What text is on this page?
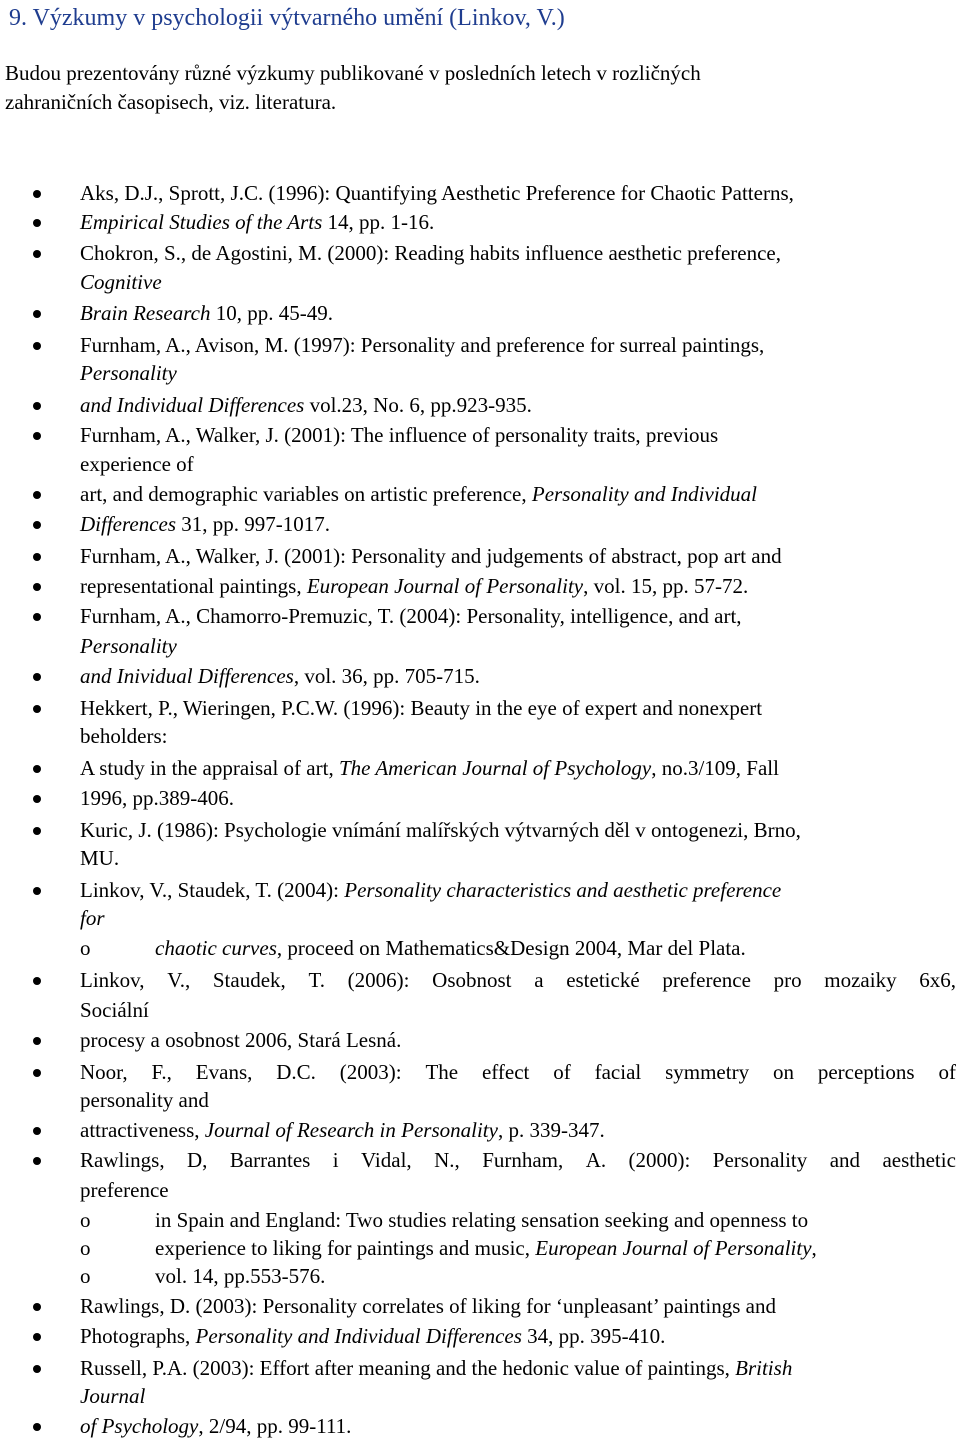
9. Výzkumy v psychologii výtvarného umění (Linkov, V.)
Budou prezentovány různé výzkumy publikované v posledních letech v rozličných
zahraničních časopisech, viz. literatura.
Aks, D.J., Sprott, J.C. (1996): Quantifying Aesthetic Preference for Chaotic Patterns,
Empirical Studies of the Arts 14, pp. 1-16.
Chokron, S., de Agostini, M. (2000): Reading habits influence aesthetic preference,
Cognitive
Brain Research 10, pp. 45-49.
Furnham, A., Avison, M. (1997): Personality and preference for surreal paintings,
Personality
and Individual Differences vol.23, No. 6, pp.923-935.
Furnham, A., Walker, J. (2001): The influence of personality traits, previous
experience of
art, and demographic variables on artistic preference, Personality and Individual
Differences 31, pp. 997-1017.
Furnham, A., Walker, J. (2001): Personality and judgements of abstract, pop art and
representational paintings, European Journal of Personality, vol. 15, pp. 57-72.
Furnham, A., Chamorro-Premuzic, T. (2004): Personality, intelligence, and art,
Personality
and Inividual Differences, vol. 36, pp. 705-715.
Hekkert, P., Wieringen, P.C.W. (1996): Beauty in the eye of expert and nonexpert
beholders:
A study in the appraisal of art, The American Journal of Psychology, no.3/109, Fall
1996, pp.389-406.
Kuric, J. (1986): Psychologie vnímání malířských výtvarných děl v ontogenezi, Brno,
MU.
Linkov, V., Staudek, T. (2004): Personality characteristics and aesthetic preference
for
o	chaotic curves, proceed on Mathematics&Design 2004, Mar del Plata.
Linkov, V., Staudek, T. (2006): Osobnost a estetické preference pro mozaiky 6x6,
Sociální
procesy a osobnost 2006, Stará Lesná.
Noor, F., Evans, D.C. (2003): The effect of facial symmetry on perceptions of
personality and
attractiveness, Journal of Research in Personality, p. 339-347.
Rawlings, D, Barrantes i Vidal, N., Furnham, A. (2000): Personality and aesthetic
preference
o	in Spain and England: Two studies relating sensation seeking and openness to
o	experience to liking for paintings and music, European Journal of Personality,
o	vol. 14, pp.553-576.
Rawlings, D. (2003): Personality correlates of liking for ‘unpleasant’ paintings and
Photographs, Personality and Individual Differences 34, pp. 395-410.
Russell, P.A. (2003): Effort after meaning and the hedonic value of paintings, British
Journal
of Psychology, 2/94, pp. 99-111.
